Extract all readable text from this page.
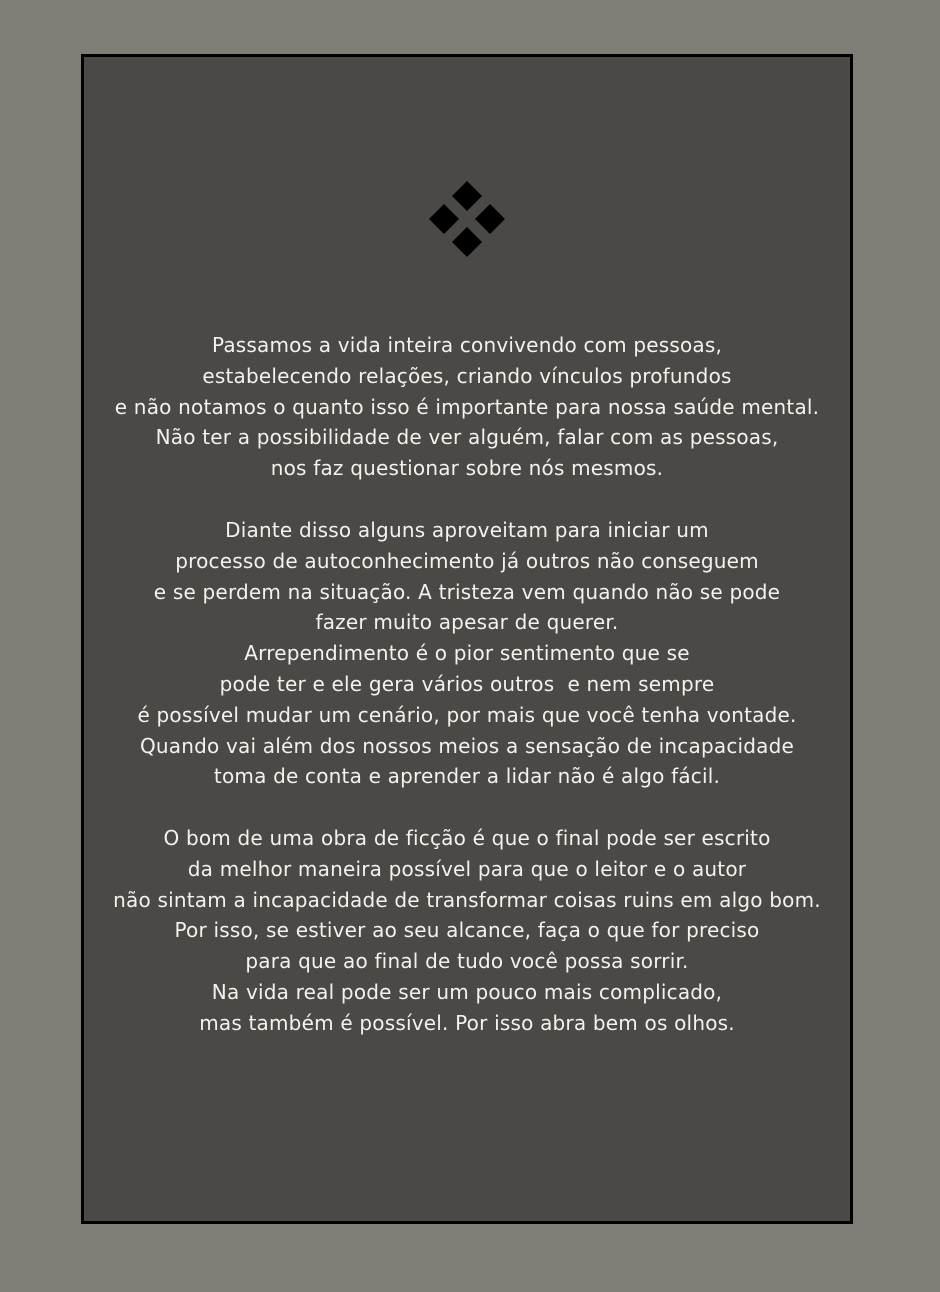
Passamos a vida inteira convivendo com pessoas,
estabelecendo relações, criando vínculos profundos
e não notamos o quanto isso é importante para nossa saúde mental.
Não ter a possibilidade de ver alguém, falar com as pessoas,
nos faz questionar sobre nós mesmos.
Diante disso alguns aproveitam para iniciar um
processo de autoconhecimento já outros não conseguem
e se perdem na situação. A tristeza vem quando não se pode
fazer muito apesar de querer.
Arrependimento é o pior sentimento que se
pode ter e ele gera vários outros  e nem sempre
é possível mudar um cenário, por mais que você tenha vontade.
Quando vai além dos nossos meios a sensação de incapacidade
toma de conta e aprender a lidar não é algo fácil.
O bom de uma obra de ficção é que o final pode ser escrito
da melhor maneira possível para que o leitor e o autor
não sintam a incapacidade de transformar coisas ruins em algo bom.
Por isso, se estiver ao seu alcance, faça o que for preciso
para que ao final de tudo você possa sorrir.
Na vida real pode ser um pouco mais complicado,
mas também é possível. Por isso abra bem os olhos.
